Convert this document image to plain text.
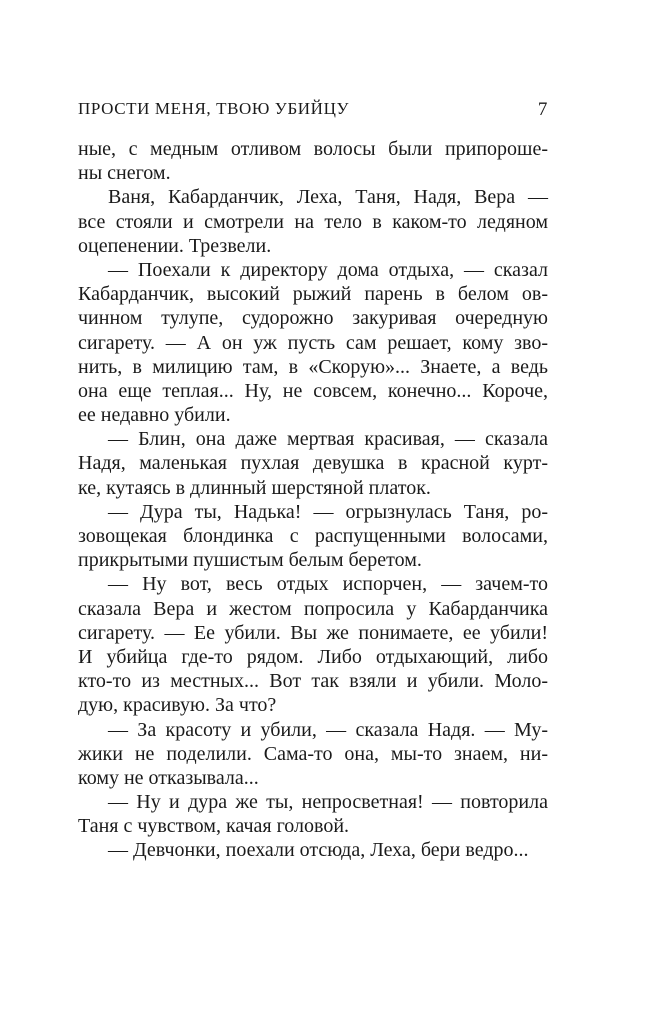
ПРОСТИ МЕНЯ, ТВОЮ УБИЙЦУ	7
ные, с медным отливом волосы были припороше-
ны снегом.
Ваня, Кабарданчик, Леха, Таня, Надя, Вера —
все стояли и смотрели на тело в каком-то ледяном
оцепенении. Трезвели.
— Поехали к директору дома отдыха, — сказал
Кабарданчик, высокий рыжий парень в белом ов-
чинном тулупе, судорожно закуривая очередную
сигарету. — А он уж пусть сам решает, кому зво-
нить, в милицию там, в «Скорую»... Знаете, а ведь
она еще теплая... Ну, не совсем, конечно... Короче,
ее недавно убили.
— Блин, она даже мертвая красивая, — сказала
Надя, маленькая пухлая девушка в красной курт-
ке, кутаясь в длинный шерстяной платок.
— Дура ты, Надька! — огрызнулась Таня, ро-
зовощекая блондинка с распущенными волосами,
прикрытыми пушистым белым беретом.
— Ну вот, весь отдых испорчен, — зачем-то
сказала Вера и жестом попросила у Кабарданчика
сигарету. — Ее убили. Вы же понимаете, ее убили!
И убийца где-то рядом. Либо отдыхающий, либо
кто-то из местных... Вот так взяли и убили. Моло-
дую, красивую. За что?
— За красоту и убили, — сказала Надя. — Му-
жики не поделили. Сама-то она, мы-то знаем, ни-
кому не отказывала...
— Ну и дура же ты, непросветная! — повторила
Таня с чувством, качая головой.
— Девчонки, поехали отсюда, Леха, бери ведро...
